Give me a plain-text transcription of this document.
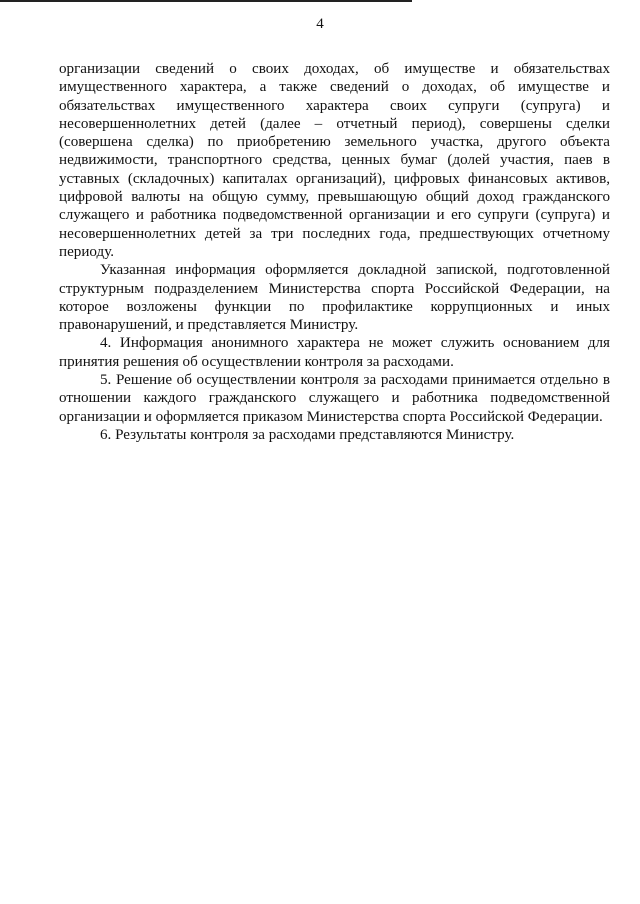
4

организации сведений о своих доходах, об имуществе и обязательствах имущественного характера, а также сведений о доходах, об имуществе и обязательствах имущественного характера своих супруги (супруга) и несовершеннолетних детей (далее – отчетный период), совершены сделки (совершена сделка) по приобретению земельного участка, другого объекта недвижимости, транспортного средства, ценных бумаг (долей участия, паев в уставных (складочных) капиталах организаций), цифровых финансовых активов, цифровой валюты на общую сумму, превышающую общий доход гражданского служащего и работника подведомственной организации и его супруги (супруга) и несовершеннолетних детей за три последних года, предшествующих отчетному периоду.

Указанная информация оформляется докладной запиской, подготовленной структурным подразделением Министерства спорта Российской Федерации, на которое возложены функции по профилактике коррупционных и иных правонарушений, и представляется Министру.

4. Информация анонимного характера не может служить основанием для принятия решения об осуществлении контроля за расходами.

5. Решение об осуществлении контроля за расходами принимается отдельно в отношении каждого гражданского служащего и работника подведомственной организации и оформляется приказом Министерства спорта Российской Федерации.

6. Результаты контроля за расходами представляются Министру.
